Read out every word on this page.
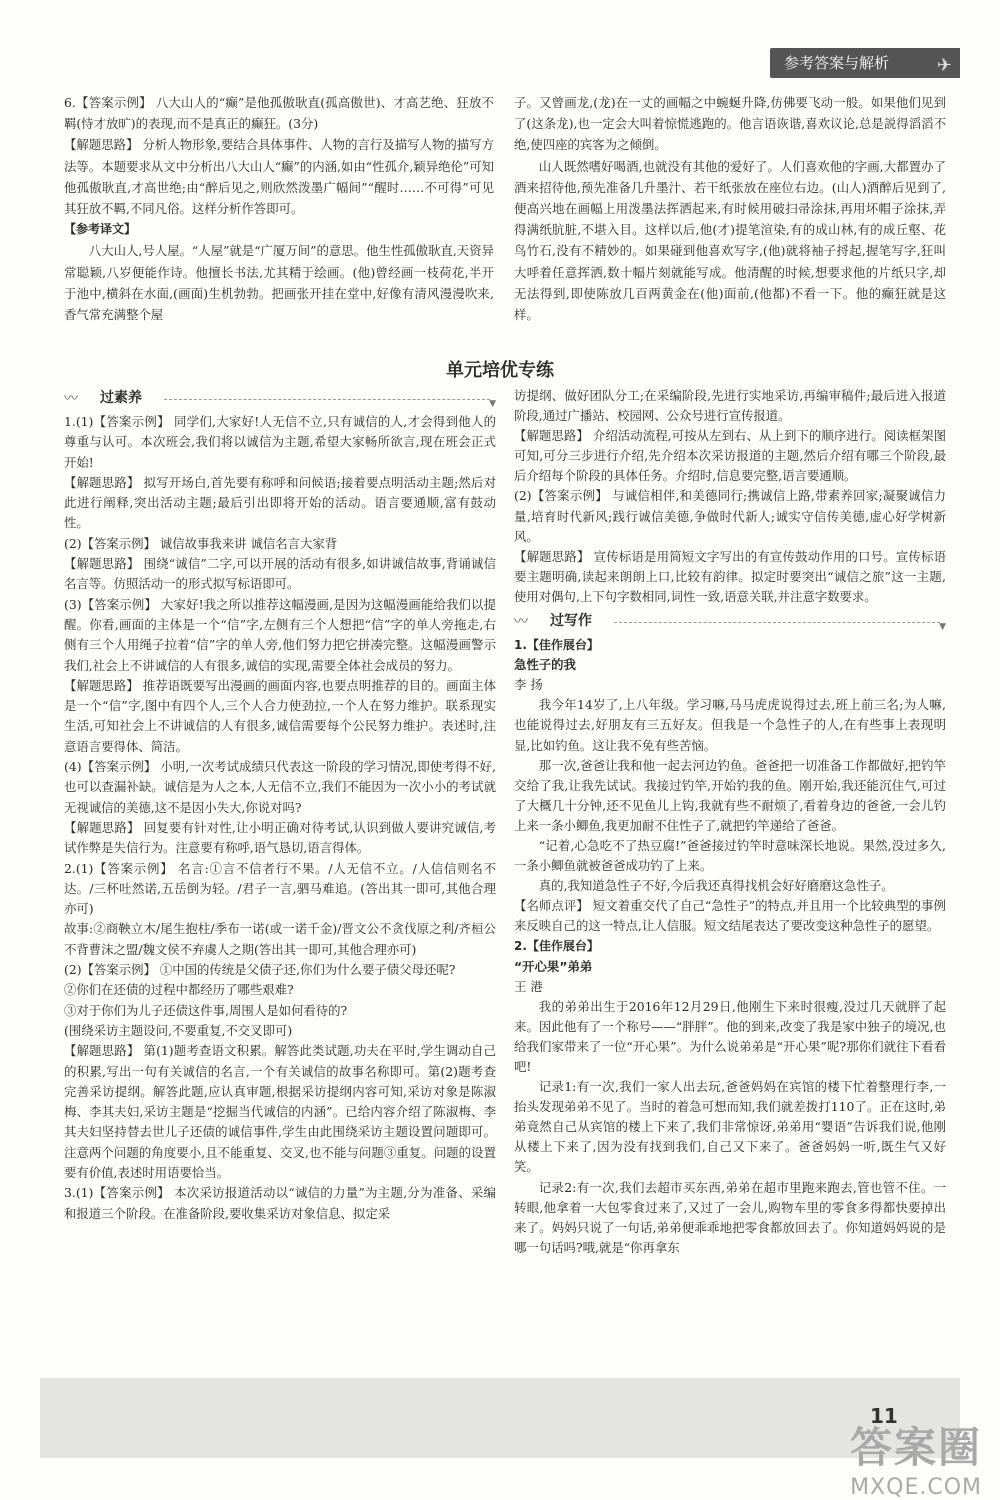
参考答案与解析	✈

6.【答案示例】 八大山人的“癫”是他孤傲耿直(孤高傲世)、才高艺绝、狂放不羁(恃才放旷)的表现,而不是真正的癫狂。(3分)

【解题思路】 分析人物形象,要结合具体事件、人物的言行及描写人物的描写方法等。本题要求从文中分析出八大山人“癫”的内涵,如由“性孤介,颖异绝伦”可知他孤傲耿直,才高世绝;由“醉后见之,则欣然泼墨广幅间”“醒时……不可得”可见其狂放不羁,不同凡俗。这样分析作答即可。

【参考译文】

八大山人,号人屋。“人屋”就是“广厦万间”的意思。他生性孤傲耿直,天资异常聪颖,八岁便能作诗。他擅长书法,尤其精于绘画。(他)曾经画一枝荷花,半开于池中,横斜在水面,(画面)生机勃勃。把画张开挂在堂中,好像有清风漫漫吹来,香气常充满整个屋

子。又曾画龙,(龙)在一丈的画幅之中蜿蜒升降,仿佛要飞动一般。如果他们见到了(这条龙),也一定会大叫着惊慌逃跑的。他言语诙谐,喜欢议论,总是説得滔滔不绝,使四座的宾客为之倾倒。

山人既然嗜好喝酒,也就没有其他的爱好了。人们喜欢他的字画,大都置办了酒来招待他,预先准备几升墨汁、若干纸张放在座位右边。(山人)酒醉后见到了,便高兴地在画幅上用泼墨法挥洒起来,有时候用破扫帚涂抹,再用坏帽子涂抹,弄得满纸肮脏,不堪入目。这样以后,他(才)提笔渲染,有的成山林,有的成丘壑、花鸟竹石,没有不精妙的。如果碰到他喜欢写字,(他)就将袖子捋起,握笔写字,狂叫大呼着任意挥洒,数十幅片刻就能写成。他清醒的时候,想要求他的片纸只字,却无法得到,即使陈放几百两黄金在(他)面前,(他都)不看一下。他的癫狂就是这样。

单元培优专练
〰 过素养	▼

1.(1)【答案示例】 同学们,大家好!人无信不立,只有诚信的人,才会得到他人的尊重与认可。本次班会,我们将以诚信为主题,希望大家畅所欲言,现在班会正式开始!

【解题思路】 拟写开场白,首先要有称呼和问候语;接着要点明活动主题;然后对此进行阐释,突出活动主题;最后引出即将开始的活动。语言要通顺,富有鼓动性。

(2)【答案示例】 诚信故事我来讲 诚信名言大家背

【解题思路】 围绕“诚信”二字,可以开展的活动有很多,如讲诚信故事,背诵诚信名言等。仿照活动一的形式拟写标语即可。

(3)【答案示例】 大家好!我之所以推荐这幅漫画,是因为这幅漫画能给我们以提醒。你看,画面的主体是一个“信”字,左侧有三个人想把“信”字的单人旁拖走,右侧有三个人用绳子拉着“信”字的单人旁,他们努力把它拼凑完整。这幅漫画警示我们,社会上不讲诚信的人有很多,诚信的实现,需要全体社会成员的努力。

【解题思路】 推荐语既要写出漫画的画面内容,也要点明推荐的目的。画面主体是一个“信”字,图中有四个人,三个人合力使劲拉,一个人在努力维护。联系现实生活,可知社会上不讲诚信的人有很多,诚信需要每个公民努力维护。表述时,注意语言要得体、简洁。

(4)【答案示例】 小明,一次考试成绩只代表这一阶段的学习情况,即使考得不好,也可以查漏补缺。诚信是为人之本,人无信不立,我们不能因为一次小小的考试就无视诚信的美德,这不是因小失大,你说对吗?

【解题思路】 回复要有针对性,让小明正确对待考试,认识到做人要讲究诚信,考试作弊是失信行为。注意要有称呼,语气恳切,语言得体。

2.(1)【答案示例】 名言:①言不信者行不果。/人无信不立。/人信信则名不达。/三杯吐然诺,五岳倒为轻。/君子一言,驷马难追。(答出其一即可,其他合理亦可)

故事:②商鞅立木/尾生抱柱/季布一诺(或一诺千金)/晋文公不贪伐原之利/齐桓公不背曹沫之盟/魏文侯不弃虞人之期(答出其一即可,其他合理亦可)

(2)【答案示例】 ①中国的传统是父债子还,你们为什么要子债父母还呢?

②你们在还债的过程中都经历了哪些艰难?

③对于你们为儿子还债这件事,周围人是如何看待的?

(围绕采访主题设问,不要重复,不交叉即可)

【解题思路】 第(1)题考查语文积累。解答此类试题,功夫在平时,学生调动自己的积累,写出一句有关诚信的名言,一个有关诚信的故事名称即可。第(2)题考查完善采访提纲。解答此题,应认真审题,根据采访提纲内容可知,采访对象是陈淑梅、李其夫妇,采访主题是“挖掘当代诚信的内涵”。已给内容介绍了陈淑梅、李其夫妇坚持替去世儿子还债的诚信事件,学生由此围绕采访主题设置问题即可。注意两个问题的角度要小,且不能重复、交叉,也不能与问题③重复。问题的设置要有价值,表述时用语要恰当。

3.(1)【答案示例】 本次采访报道活动以“诚信的力量”为主题,分为准备、采编和报道三个阶段。在准备阶段,要收集采访对象信息、拟定采

访提纲、做好团队分工;在采编阶段,先进行实地采访,再编审稿件;最后进入报道阶段,通过广播站、校园网、公众号进行宣传报道。

【解题思路】 介绍活动流程,可按从左到右、从上到下的顺序进行。阅读框架图可知,可分三步进行介绍,先介绍本次采访报道的主题,然后介绍有哪三个阶段,最后介绍每个阶段的具体任务。介绍时,信息要完整,语言要通顺。

(2)【答案示例】 与诚信相伴,和美德同行;携诚信上路,带素养回家;凝聚诚信力量,培育时代新风;践行诚信美德,争做时代新人;诚实守信传美德,虚心好学树新风。

【解题思路】 宣传标语是用简短文字写出的有宣传鼓动作用的口号。宣传标语要主题明确,读起来朗朗上口,比较有韵律。拟定时要突出“诚信之旅”这一主题,使用对偶句,上下句字数相同,词性一致,语意关联,并注意字数要求。

〰 过写作	▼

1.【佳作展台】

急性子的我

李 扬

我今年14岁了,上八年级。学习嘛,马马虎虎说得过去,班上前三名;为人嘛,也能说得过去,好朋友有三五好友。但我是一个急性子的人,在有些事上表现明显,比如钓鱼。这让我不免有些苦恼。

那一次,爸爸让我和他一起去河边钓鱼。爸爸把一切准备工作都做好,把钓竿交给了我,让我先试试。我接过钓竿,开始钓我的鱼。刚开始,我还能沉住气,可过了大概几十分钟,还不见鱼儿上钩,我就有些不耐烦了,看着身边的爸爸,一会儿钓上来一条小鲫鱼,我更加耐不住性子了,就把钓竿递给了爸爸。

“记着,心急吃不了热豆腐!”爸爸接过钓竿时意味深长地说。果然,没过多久,一条小鲫鱼就被爸爸成功钓了上来。

真的,我知道急性子不好,今后我还真得找机会好好磨磨这急性子。

【名师点评】 短文着重交代了自己“急性子”的特点,并且用一个比较典型的事例来反映自己的这一特点,让人信服。短文结尾表达了要改变这种急性子的愿望。

2.【佳作展台】

“开心果”弟弟

王 港

我的弟弟出生于2016年12月29日,他刚生下来时很瘦,没过几天就胖了起来。因此他有了一个称号——“胖胖”。他的到来,改变了我是家中独子的境况,也给我们家带来了一位“开心果”。为什么说弟弟是“开心果”呢?那你们就往下看看吧!

记录1:有一次,我们一家人出去玩,爸爸妈妈在宾馆的楼下忙着整理行李,一抬头发现弟弟不见了。当时的着急可想而知,我们就差拨打110了。正在这时,弟弟竟然自己从宾馆的楼上下来了,我们非常惊讶,弟弟用“婴语”告诉我们说,他刚从楼上下来了,因为没有找到我们,自己又下来了。爸爸妈妈一听,既生气又好笑。

记录2:有一次,我们去超市买东西,弟弟在超市里跑来跑去,管也管不住。一转眼,他拿着一大包零食过来了,又过了一会儿,购物车里的零食多得都快要掉出来了。妈妈只说了一句话,弟弟便乖乖地把零食都放回去了。你知道妈妈说的是哪一句话吗?哦,就是“你再拿东

11
答案圈
MXQE.COM
